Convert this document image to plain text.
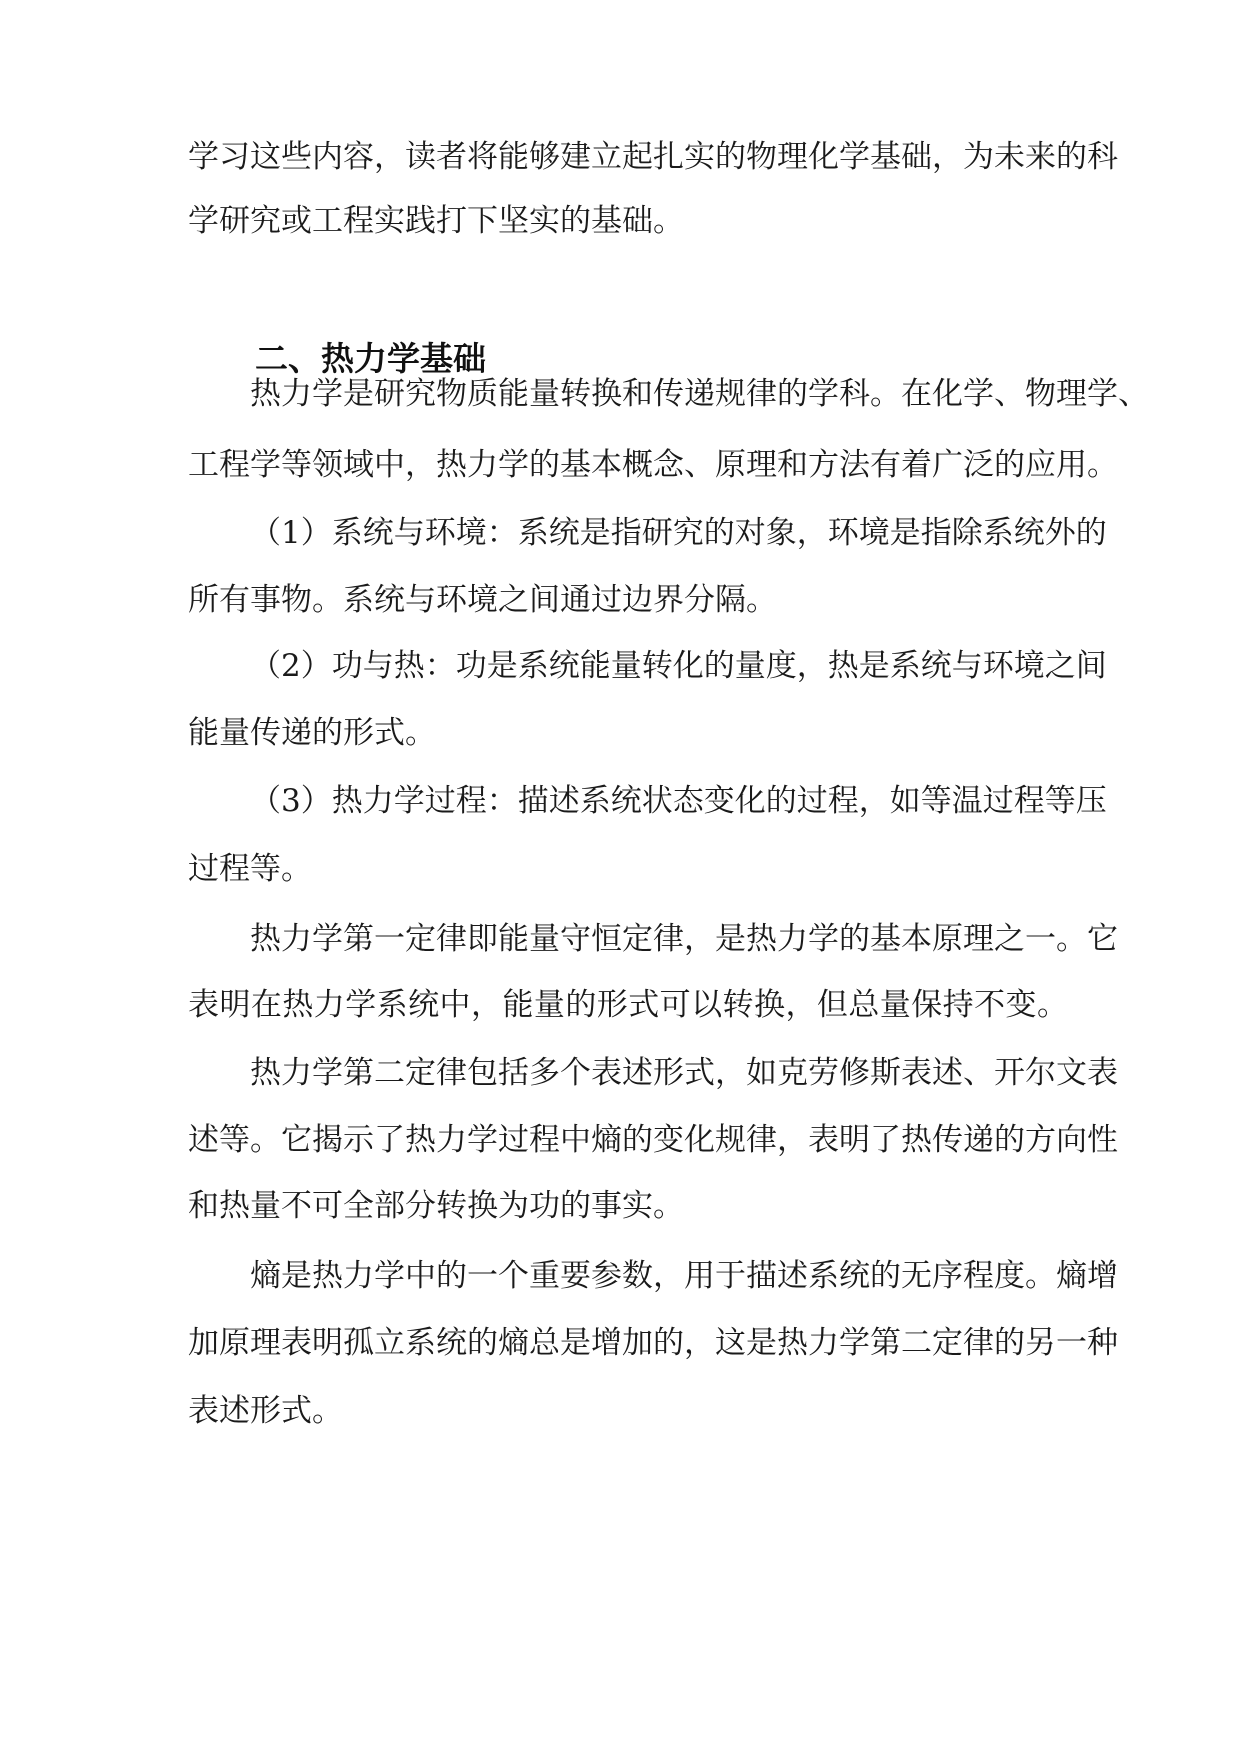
学习这些内容，读者将能够建立起扎实的物理化学基础，为未来的科
学研究或工程实践打下坚实的基础。
二、热力学基础
热力学是研究物质能量转换和传递规律的学科。在化学、物理学、
工程学等领域中，热力学的基本概念、原理和方法有着广泛的应用。
（1）系统与环境：系统是指研究的对象，环境是指除系统外的
所有事物。系统与环境之间通过边界分隔。
（2）功与热：功是系统能量转化的量度，热是系统与环境之间
能量传递的形式。
（3）热力学过程：描述系统状态变化的过程，如等温过程等压
过程等。
热力学第一定律即能量守恒定律，是热力学的基本原理之一。它
表明在热力学系统中，能量的形式可以转换，但总量保持不变。
热力学第二定律包括多个表述形式，如克劳修斯表述、开尔文表
述等。它揭示了热力学过程中熵的变化规律，表明了热传递的方向性
和热量不可全部分转换为功的事实。
熵是热力学中的一个重要参数，用于描述系统的无序程度。熵增
加原理表明孤立系统的熵总是增加的，这是热力学第二定律的另一种
表述形式。
